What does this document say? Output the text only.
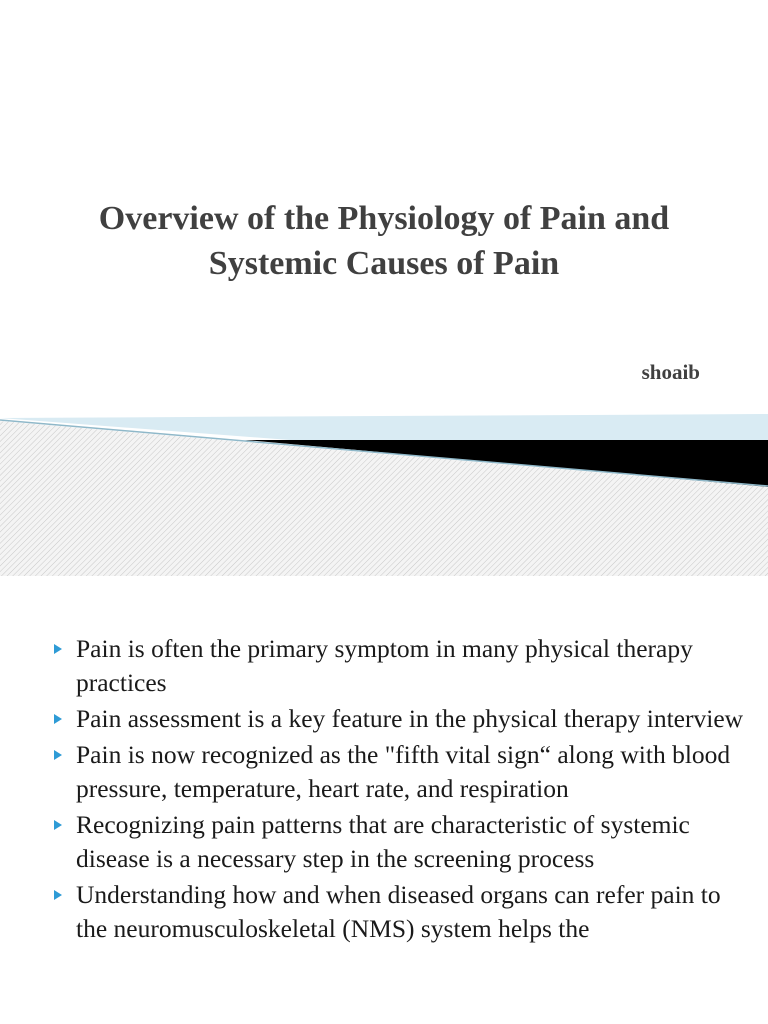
Overview of the Physiology of Pain and
Systemic Causes of Pain
shoaib
Pain is often the primary symptom in many physical therapy practices
Pain assessment is a key feature in the physical therapy interview
Pain is now recognized as the "fifth vital sign“ along with blood pressure, temperature, heart rate, and respiration
Recognizing pain patterns that are characteristic of systemic disease is a necessary step in the screening process
Understanding how and when diseased organs can refer pain to the neuromusculoskeletal (NMS) system helps the
